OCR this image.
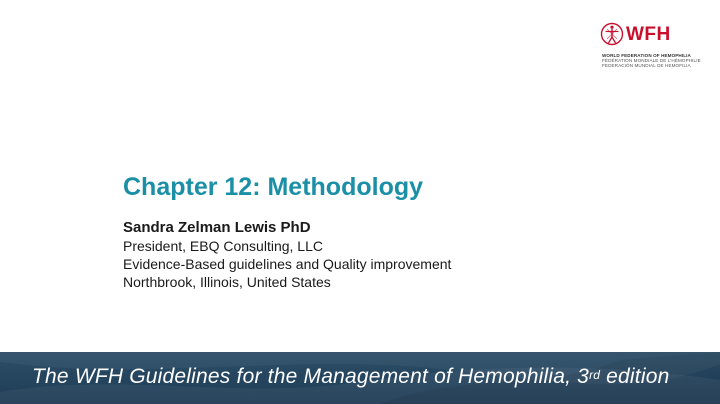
WFH
WORLD FEDERATION OF HEMOPHILIA
FÉDÉRATION MONDIALE DE L'HÉMOPHILIE
FEDERACIÓN MUNDIAL DE HEMOFILIA
Chapter 12: Methodology
Sandra Zelman Lewis PhD
President, EBQ Consulting, LLC
Evidence-Based guidelines and Quality improvement
Northbrook, Illinois, United States
The WFH Guidelines for the Management of Hemophilia, 3rd edition
